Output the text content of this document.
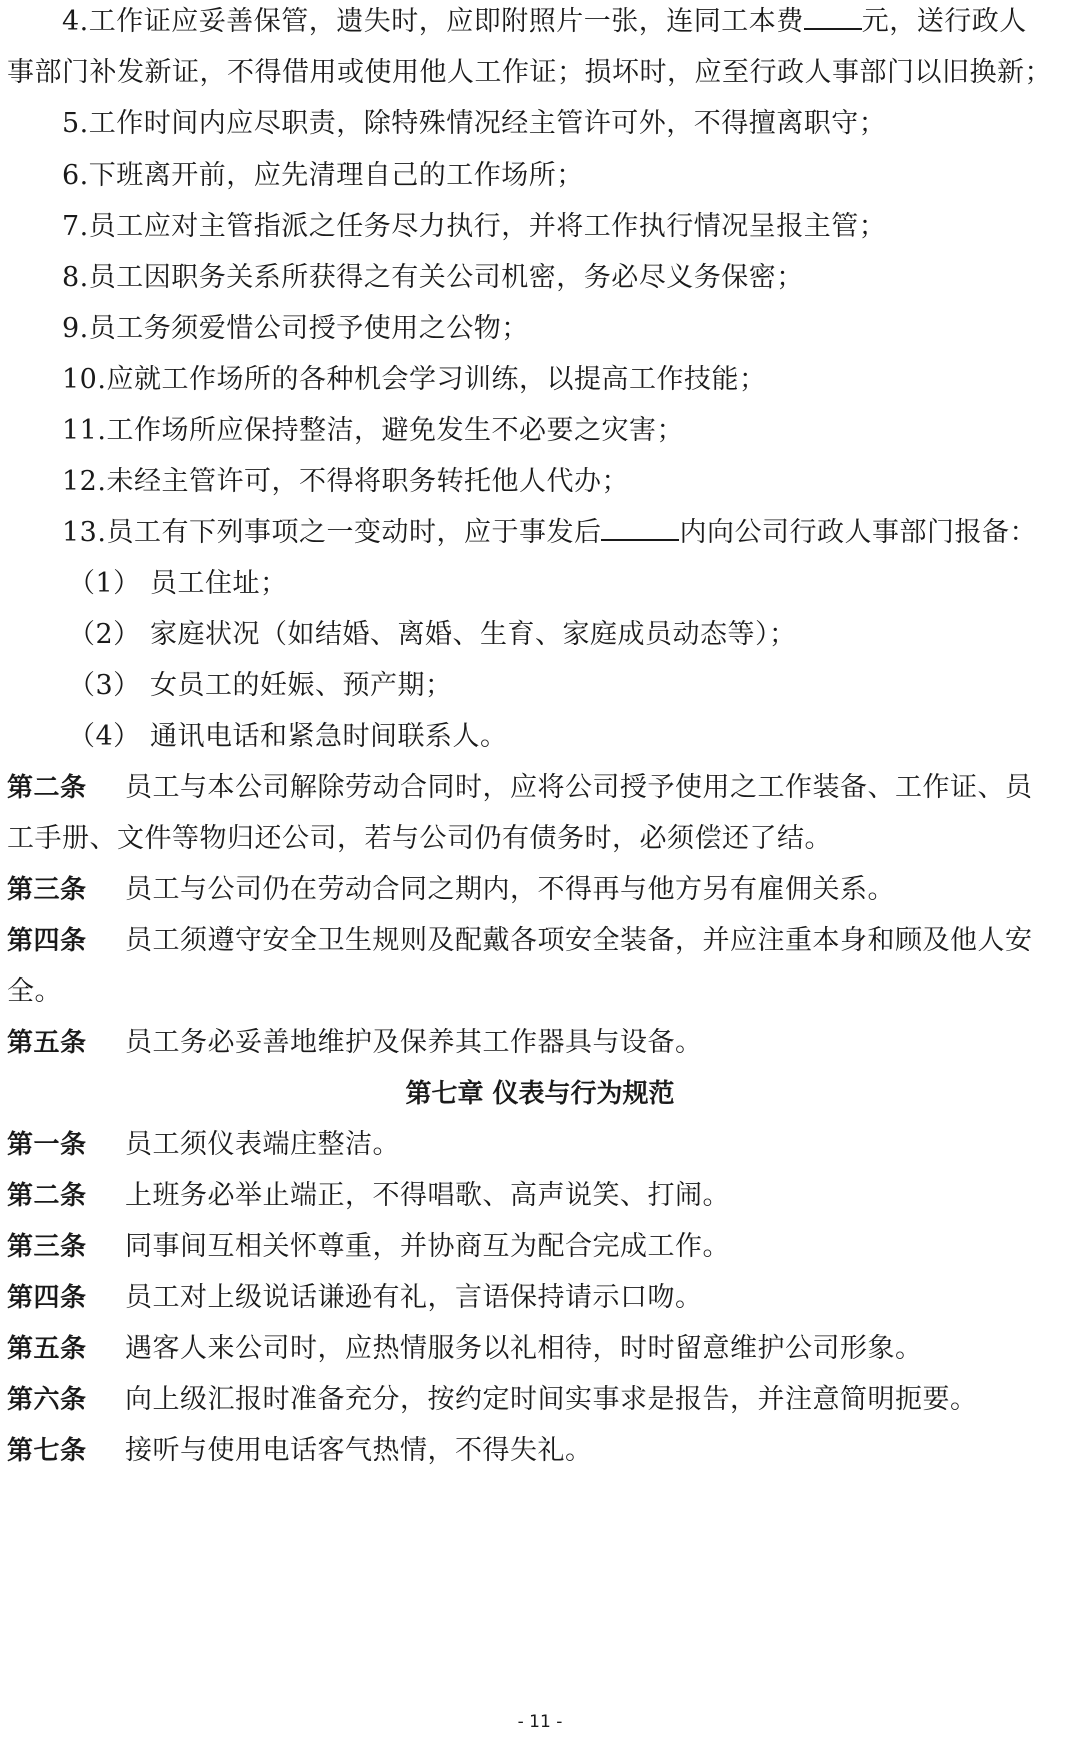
4.工作证应妥善保管，遗失时，应即附照片一张，连同工本费 元，送行政人
事部门补发新证，不得借用或使用他人工作证；损坏时，应至行政人事部门以旧换新；
5.工作时间内应尽职责，除特殊情况经主管许可外，不得擅离职守；
6.下班离开前，应先清理自己的工作场所；
7.员工应对主管指派之任务尽力执行，并将工作执行情况呈报主管；
8.员工因职务关系所获得之有关公司机密，务必尽义务保密；
9.员工务须爱惜公司授予使用之公物；
10.应就工作场所的各种机会学习训练，以提高工作技能；
11.工作场所应保持整洁，避免发生不必要之灾害；
12.未经主管许可，不得将职务转托他人代办；
13.员工有下列事项之一变动时，应于事发后	内向公司行政人事部门报备：
（1） 员工住址；
（2） 家庭状况（如结婚、离婚、生育、家庭成员动态等）；
（3） 女员工的妊娠、预产期；
（4） 通讯电话和紧急时间联系人。
第二条 员工与本公司解除劳动合同时，应将公司授予使用之工作装备、工作证、员
工手册、文件等物归还公司，若与公司仍有债务时，必须偿还了结。
第三条 员工与公司仍在劳动合同之期内，不得再与他方另有雇佣关系。
第四条 员工须遵守安全卫生规则及配戴各项安全装备，并应注重本身和顾及他人安
全。
第五条 员工务必妥善地维护及保养其工作器具与设备。
第七章 仪表与行为规范
第一条 员工须仪表端庄整洁。
第二条 上班务必举止端正，不得唱歌、高声说笑、打闹。
第三条 同事间互相关怀尊重，并协商互为配合完成工作。
第四条 员工对上级说话谦逊有礼，言语保持请示口吻。
第五条 遇客人来公司时，应热情服务以礼相待，时时留意维护公司形象。
第六条 向上级汇报时准备充分，按约定时间实事求是报告，并注意简明扼要。
第七条 接听与使用电话客气热情，不得失礼。
- 11 -
